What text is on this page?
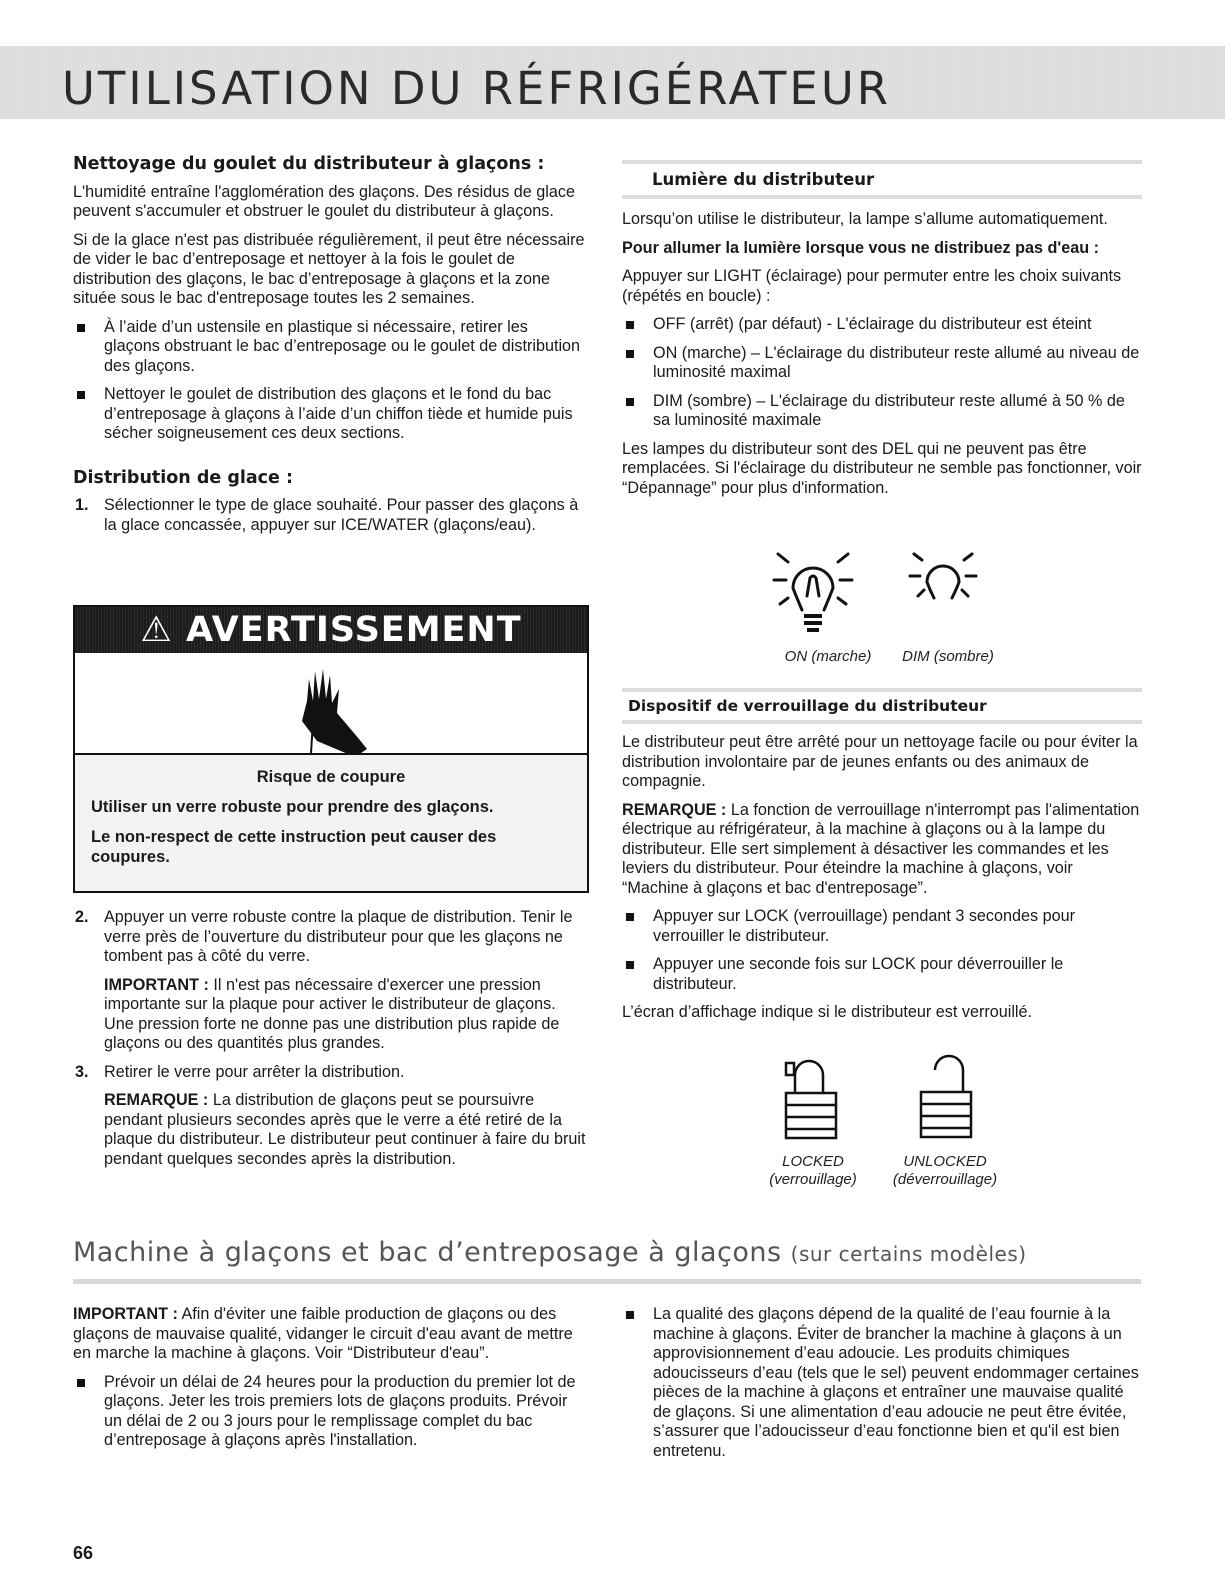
UTILISATION DU RÉFRIGÉRATEUR
Nettoyage du goulet du distributeur à glaçons :

L'humidité entraîne l'agglomération des glaçons. Des résidus de glace peuvent s'accumuler et obstruer le goulet du distributeur à glaçons.

Si de la glace n'est pas distribuée régulièrement, il peut être nécessaire de vider le bac d’entreposage et nettoyer à la fois le goulet de distribution des glaçons, le bac d’entreposage à glaçons et la zone située sous le bac d'entreposage toutes les 2 semaines.

À l’aide d’un ustensile en plastique si nécessaire, retirer les glaçons obstruant le bac d’entreposage ou le goulet de distribution des glaçons.
Nettoyer le goulet de distribution des glaçons et le fond du bac d’entreposage à glaçons à l’aide d’un chiffon tiède et humide puis sécher soigneusement ces deux sections.
Distribution de glace :
1. Sélectionner le type de glace souhaité. Pour passer des glaçons à la glace concassée, appuyer sur ICE/WATER (glaçons/eau).
⚠ AVERTISSEMENT

Risque de coupure

Utiliser un verre robuste pour prendre des glaçons.

Le non-respect de cette instruction peut causer des coupures.

2. Appuyer un verre robuste contre la plaque de distribution. Tenir le verre près de l’ouverture du distributeur pour que les glaçons ne tombent pas à côté du verre.
IMPORTANT : Il n'est pas nécessaire d'exercer une pression importante sur la plaque pour activer le distributeur de glaçons. Une pression forte ne donne pas une distribution plus rapide de glaçons ou des quantités plus grandes.
3. Retirer le verre pour arrêter la distribution.
REMARQUE : La distribution de glaçons peut se poursuivre pendant plusieurs secondes après que le verre a été retiré de la plaque du distributeur. Le distributeur peut continuer à faire du bruit pendant quelques secondes après la distribution.
Lumière du distributeur

Lorsqu’on utilise le distributeur, la lampe s’allume automatiquement.

Pour allumer la lumière lorsque vous ne distribuez pas d'eau :

Appuyer sur LIGHT (éclairage) pour permuter entre les choix suivants (répétés en boucle) :

OFF (arrêt) (par défaut) - L'éclairage du distributeur est éteint
ON (marche) – L'éclairage du distributeur reste allumé au niveau de luminosité maximal
DIM (sombre) – L'éclairage du distributeur reste allumé à 50 % de sa luminosité maximale

Les lampes du distributeur sont des DEL qui ne peuvent pas être remplacées. Si l'éclairage du distributeur ne semble pas fonctionner, voir “Dépannage” pour plus d'information.

ON (marche)	DIM (sombre)
Dispositif de verrouillage du distributeur

Le distributeur peut être arrêté pour un nettoyage facile ou pour éviter la distribution involontaire par de jeunes enfants ou des animaux de compagnie.

REMARQUE : La fonction de verrouillage n'interrompt pas l'alimentation électrique au réfrigérateur, à la machine à glaçons ou à la lampe du distributeur. Elle sert simplement à désactiver les commandes et les leviers du distributeur. Pour éteindre la machine à glaçons, voir “Machine à glaçons et bac d'entreposage”.

Appuyer sur LOCK (verrouillage) pendant 3 secondes pour verrouiller le distributeur.
Appuyer une seconde fois sur LOCK pour déverrouiller le distributeur.

L’écran d’affichage indique si le distributeur est verrouillé.

LOCKED
(verrouillage)
UNLOCKED
(déverrouillage)
Machine à glaçons et bac d’entreposage à glaçons (sur certains modèles)

IMPORTANT : Afin d'éviter une faible production de glaçons ou des glaçons de mauvaise qualité, vidanger le circuit d'eau avant de mettre en marche la machine à glaçons. Voir “Distributeur d'eau”.

Prévoir un délai de 24 heures pour la production du premier lot de glaçons. Jeter les trois premiers lots de glaçons produits. Prévoir un délai de 2 ou 3 jours pour le remplissage complet du bac d’entreposage à glaçons après l'installation.
La qualité des glaçons dépend de la qualité de l’eau fournie à la machine à glaçons. Éviter de brancher la machine à glaçons à un approvisionnement d’eau adoucie. Les produits chimiques adoucisseurs d’eau (tels que le sel) peuvent endommager certaines pièces de la machine à glaçons et entraîner une mauvaise qualité de glaçons. Si une alimentation d’eau adoucie ne peut être évitée, s’assurer que l’adoucisseur d’eau fonctionne bien et qu'il est bien entretenu.
66
